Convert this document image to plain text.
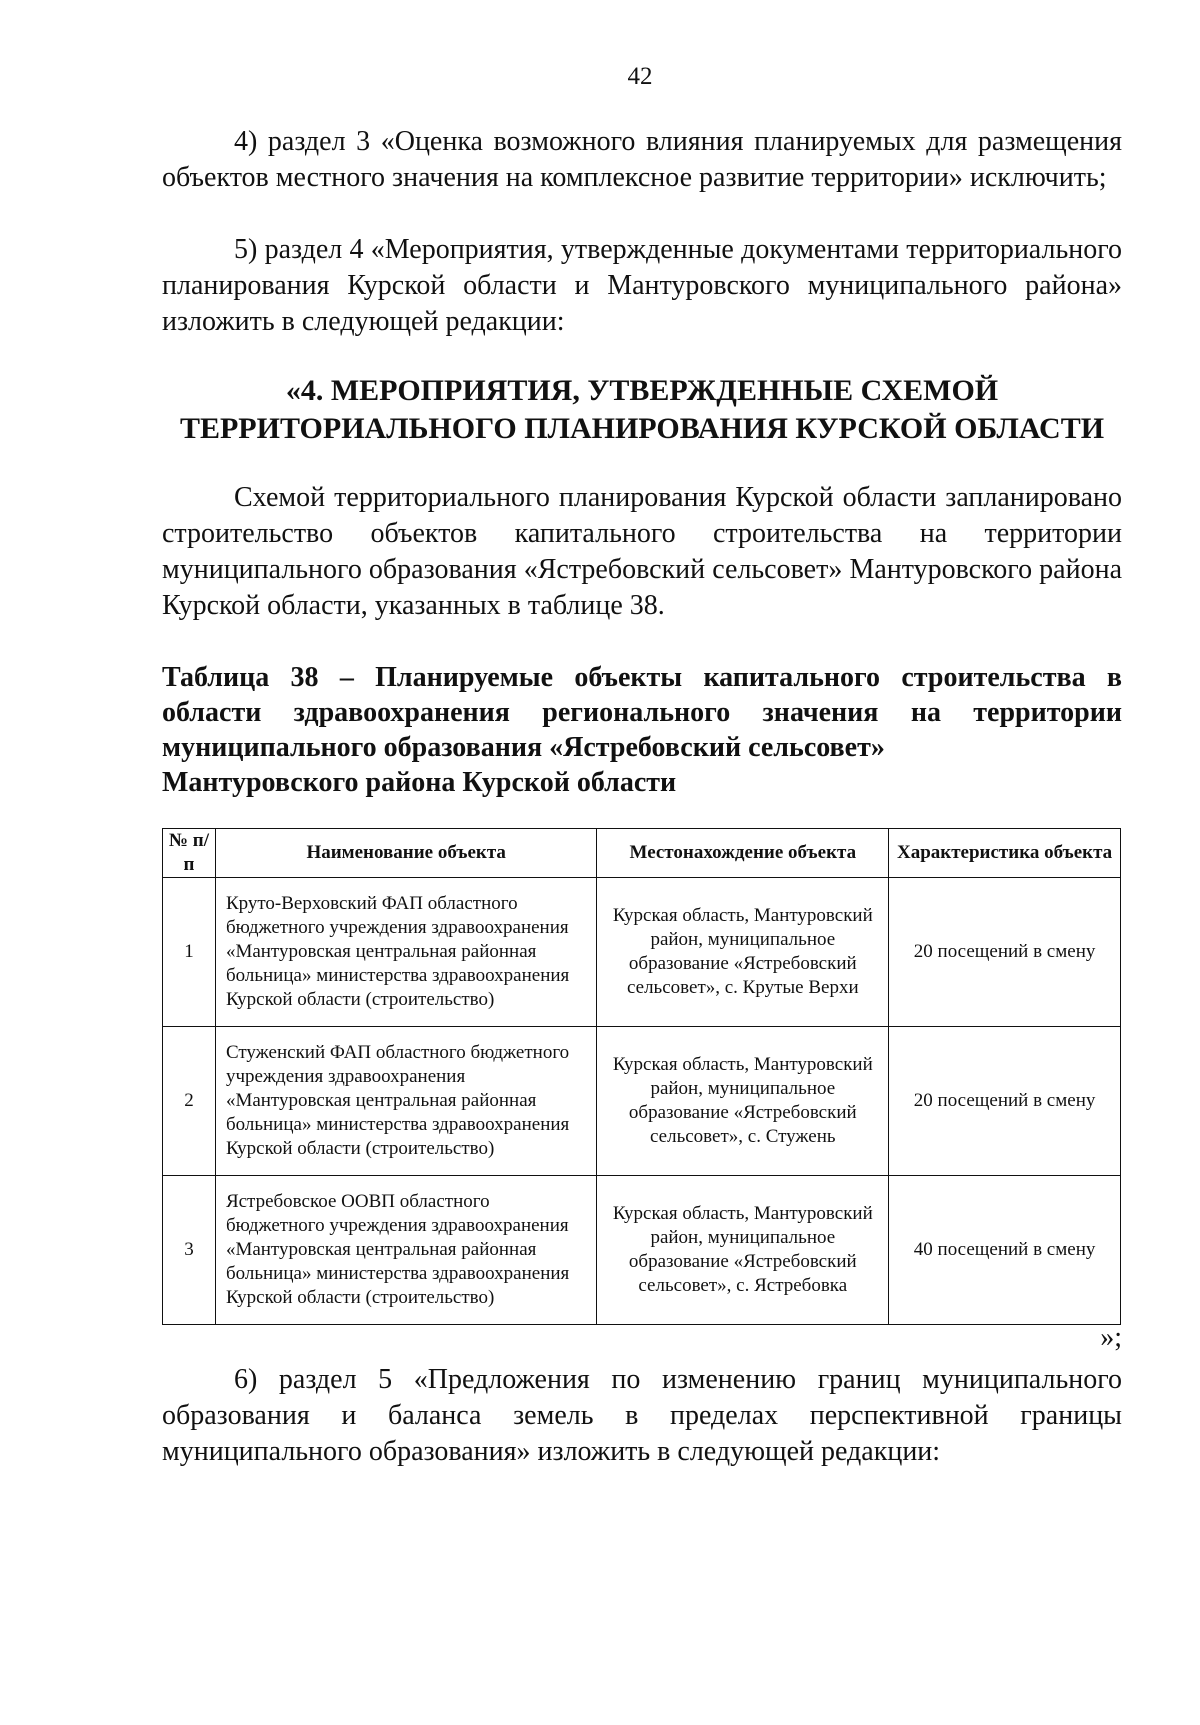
42

4) раздел 3 «Оценка возможного влияния планируемых для размещения объектов местного значения на комплексное развитие территории» исключить;

5) раздел 4 «Мероприятия, утвержденные документами территориального планирования Курской области и Мантуровского муниципального района» изложить в следующей редакции:

«4. МЕРОПРИЯТИЯ, УТВЕРЖДЕННЫЕ СХЕМОЙ
ТЕРРИТОРИАЛЬНОГО ПЛАНИРОВАНИЯ КУРСКОЙ ОБЛАСТИ

Схемой территориального планирования Курской области запланировано строительство объектов капитального строительства на территории муниципального образования «Ястребовский сельсовет» Мантуровского района Курской области, указанных в таблице 38.

Таблица 38 – Планируемые объекты капитального строительства в области здравоохранения регионального значения на территории муниципального образования «Ястребовский сельсовет»
Мантуровского района Курской области
№ п/п	Наименование объекта	Местонахождение объекта	Характеристика объекта
1	Круто-Верховский ФАП областного бюджетного учреждения здравоохранения «Мантуровская центральная районная больница» министерства здравоохранения Курской области (строительство)	Курская область, Мантуровский район, муниципальное образование «Ястребовский сельсовет», с. Крутые Верхи	20 посещений в смену
2	Стуженский ФАП областного бюджетного учреждения здравоохранения «Мантуровская центральная районная больница» министерства здравоохранения Курской области (строительство)	Курская область, Мантуровский район, муниципальное образование «Ястребовский сельсовет», с. Стужень	20 посещений в смену
3	Ястребовское ООВП областного бюджетного учреждения здравоохранения «Мантуровская центральная районная больница» министерства здравоохранения Курской области (строительство)	Курская область, Мантуровский район, муниципальное образование «Ястребовский сельсовет», с. Ястребовка	40 посещений в смену
»;

6) раздел 5 «Предложения по изменению границ муниципального образования и баланса земель в пределах перспективной границы муниципального образования» изложить в следующей редакции:
